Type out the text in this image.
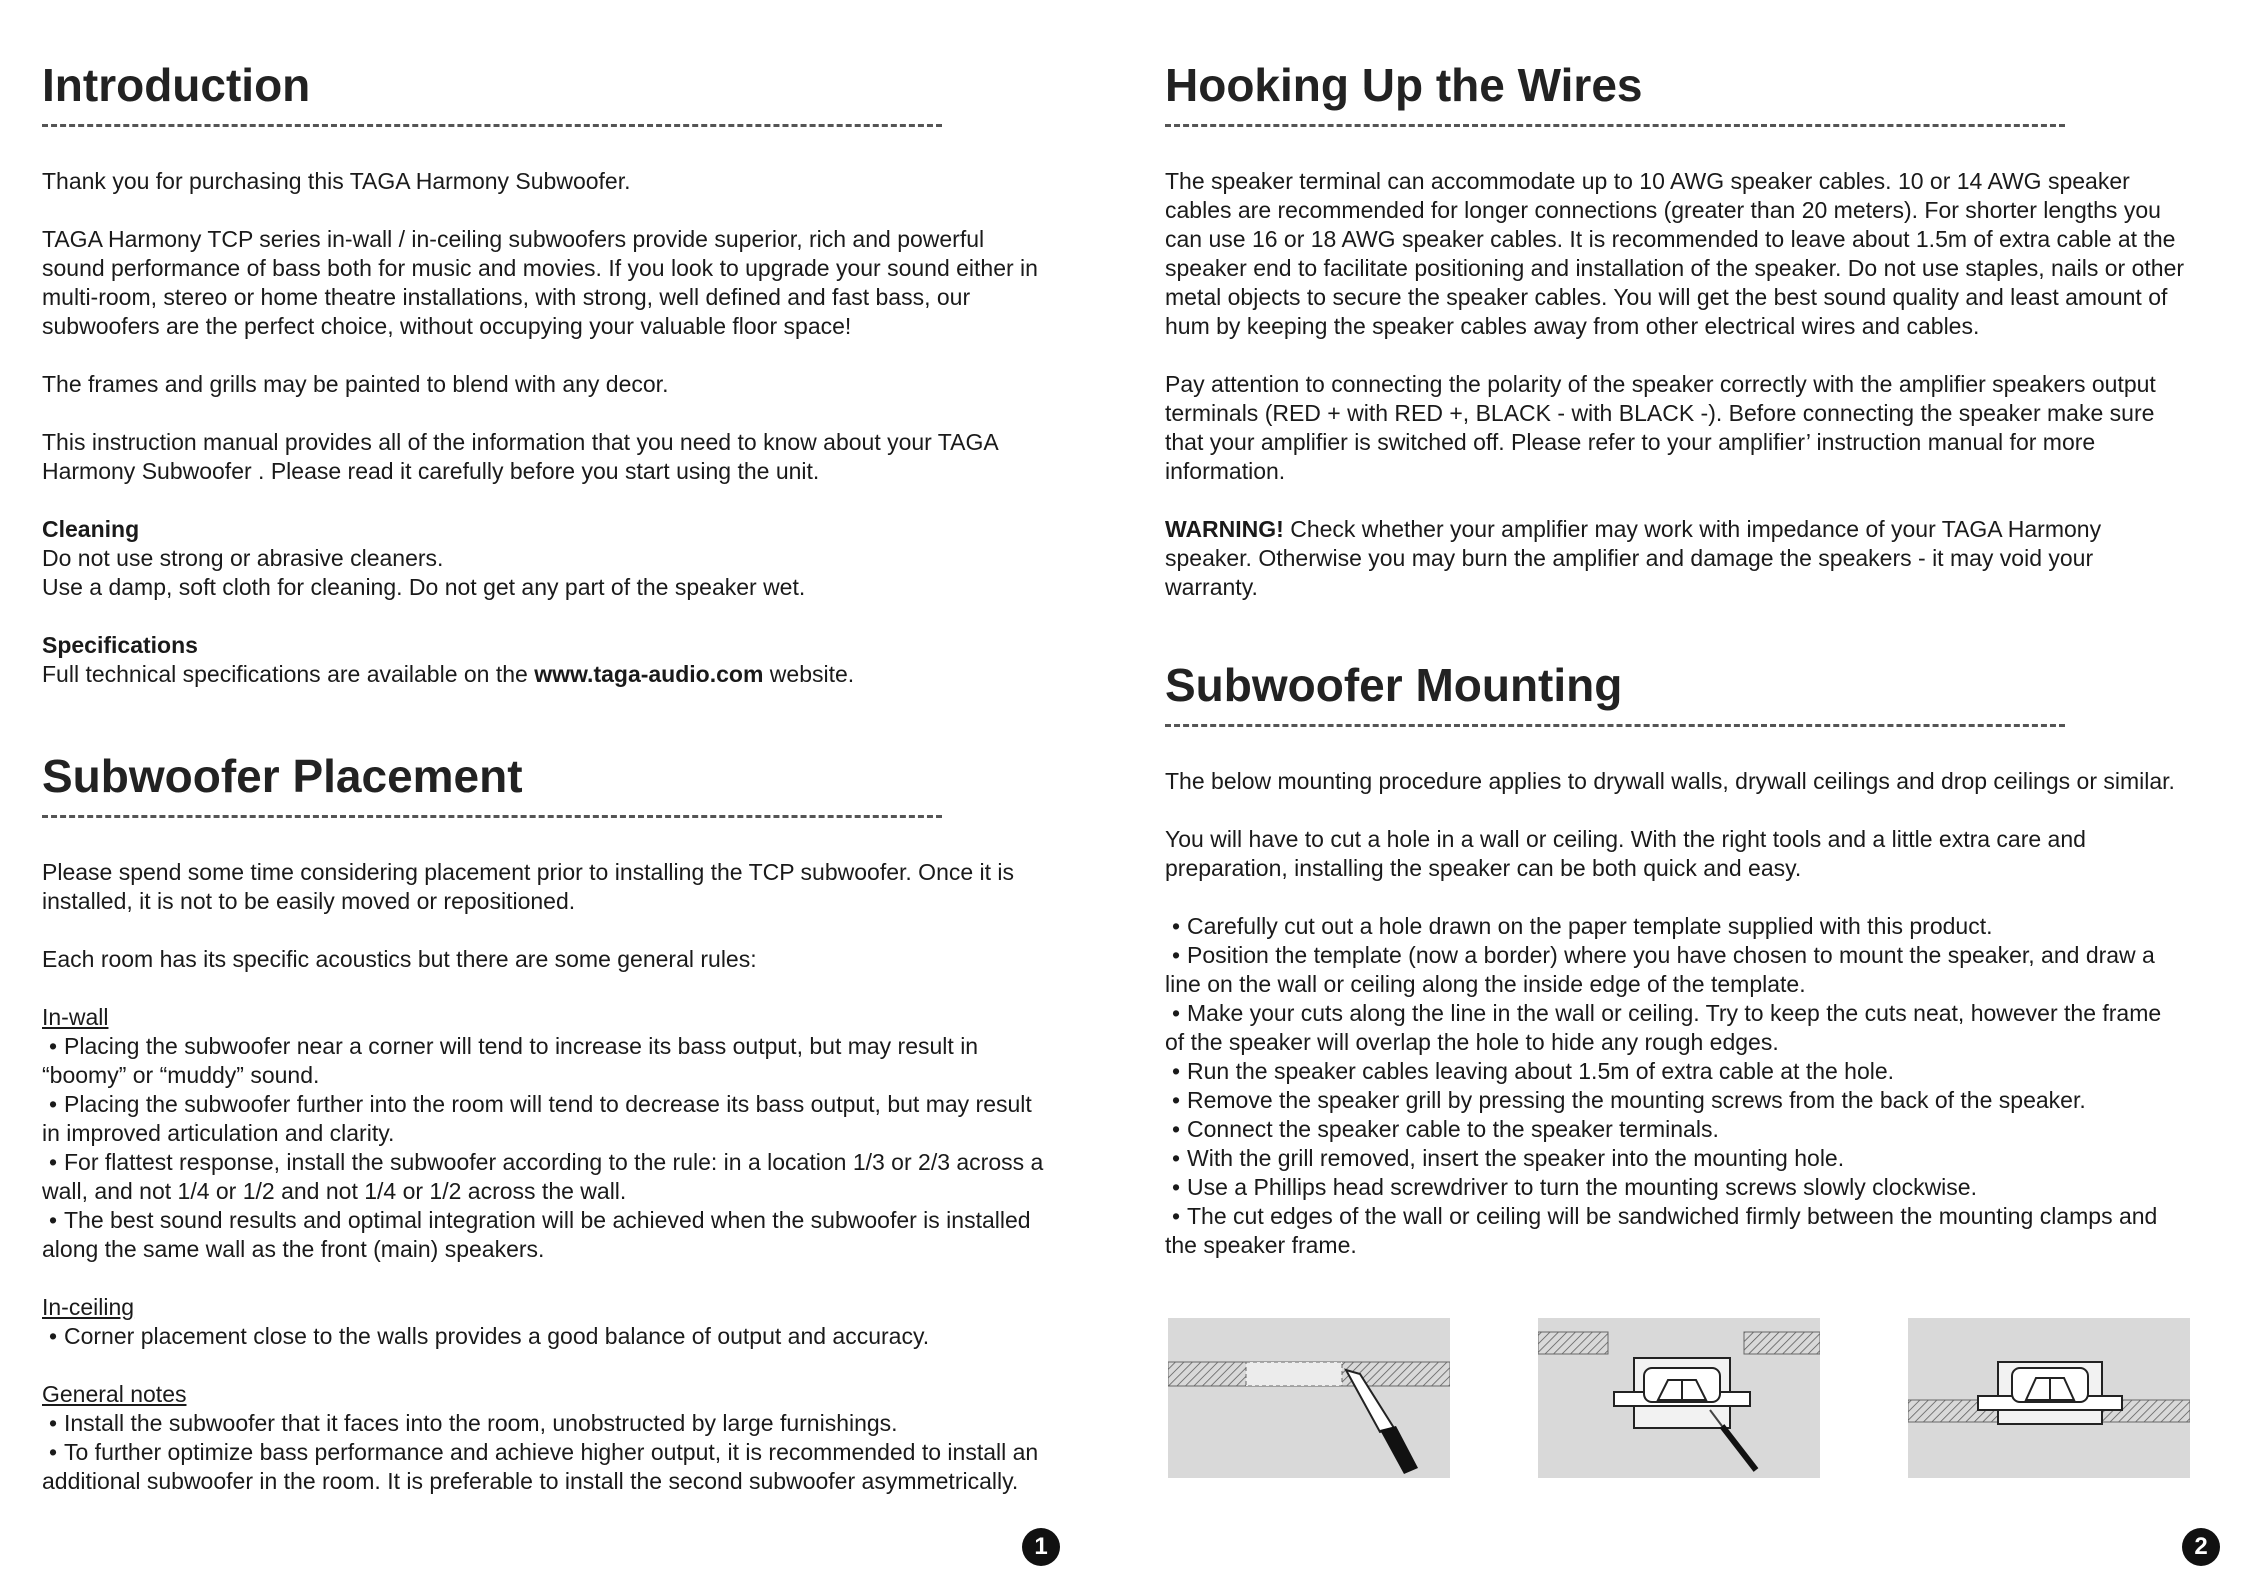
Introduction

Thank you for purchasing this TAGA Harmony Subwoofer.

TAGA Harmony TCP series in-wall / in-ceiling subwoofers provide superior, rich and powerful sound performance of bass both for music and movies. If you look to upgrade your sound either in multi-room, stereo or home theatre installations, with strong, well defined and fast bass, our subwoofers are the perfect choice, without occupying your valuable floor space!

The frames and grills may be painted to blend with any decor.

This instruction manual provides all of the information that you need to know about your TAGA Harmony Subwoofer . Please read it carefully before you start using the unit.

Cleaning
Do not use strong or abrasive cleaners.
Use a damp, soft cloth for cleaning. Do not get any part of the speaker wet.

Specifications
Full technical specifications are available on the www.taga-audio.com website.

Subwoofer Placement

Please spend some time considering placement prior to installing the TCP subwoofer. Once it is installed, it is not to be easily moved or repositioned.

Each room has its specific acoustics but there are some general rules:

In-wall
• Placing the subwoofer near a corner will tend to increase its bass output, but may result in “boomy” or “muddy” sound.
• Placing the subwoofer further into the room will tend to decrease its bass output, but may result in improved articulation and clarity.
• For flattest response, install the subwoofer according to the rule: in a location 1/3 or 2/3 across a wall, and not 1/4 or 1/2 and not 1/4 or 1/2 across the wall.
• The best sound results and optimal integration will be achieved when the subwoofer is installed along the same wall as the front (main) speakers.

In-ceiling
• Corner placement close to the walls provides a good balance of output and accuracy.

General notes
• Install the subwoofer that it faces into the room, unobstructed by large furnishings.
• To further optimize bass performance and achieve higher output, it is recommended to install an additional subwoofer in the room. It is preferable to install the second subwoofer asymmetrically.

1
Hooking Up the Wires

The speaker terminal can accommodate up to 10 AWG speaker cables. 10 or 14 AWG speaker cables are recommended for longer connections (greater than 20 meters). For shorter lengths you can use 16 or 18 AWG speaker cables. It is recommended to leave about 1.5m of extra cable at the speaker end to facilitate positioning and installation of the speaker. Do not use staples, nails or other metal objects to secure the speaker cables. You will get the best sound quality and least amount of hum by keeping the speaker cables away from other electrical wires and cables.

Pay attention to connecting the polarity of the speaker correctly with the amplifier speakers output terminals (RED + with RED +, BLACK - with BLACK -). Before connecting the speaker make sure that your amplifier is switched off. Please refer to your amplifier’ instruction manual for more information.

WARNING! Check whether your amplifier may work with impedance of your TAGA Harmony speaker. Otherwise you may burn the amplifier and damage the speakers - it may void your warranty.

Subwoofer Mounting

The below mounting procedure applies to drywall walls, drywall ceilings and drop ceilings or similar.

You will have to cut a hole in a wall or ceiling. With the right tools and a little extra care and preparation, installing the speaker can be both quick and easy.

• Carefully cut out a hole drawn on the paper template supplied with this product.
• Position the template (now a border) where you have chosen to mount the speaker, and draw a line on the wall or ceiling along the inside edge of the template.
• Make your cuts along the line in the wall or ceiling. Try to keep the cuts neat, however the frame of the speaker will overlap the hole to hide any rough edges.
• Run the speaker cables leaving about 1.5m of extra cable at the hole.
• Remove the speaker grill by pressing the mounting screws from the back of the speaker.
• Connect the speaker cable to the speaker terminals.
• With the grill removed, insert the speaker into the mounting hole.
• Use a Phillips head screwdriver to turn the mounting screws slowly clockwise.
• The cut edges of the wall or ceiling will be sandwiched firmly between the mounting clamps and the speaker frame.

2
